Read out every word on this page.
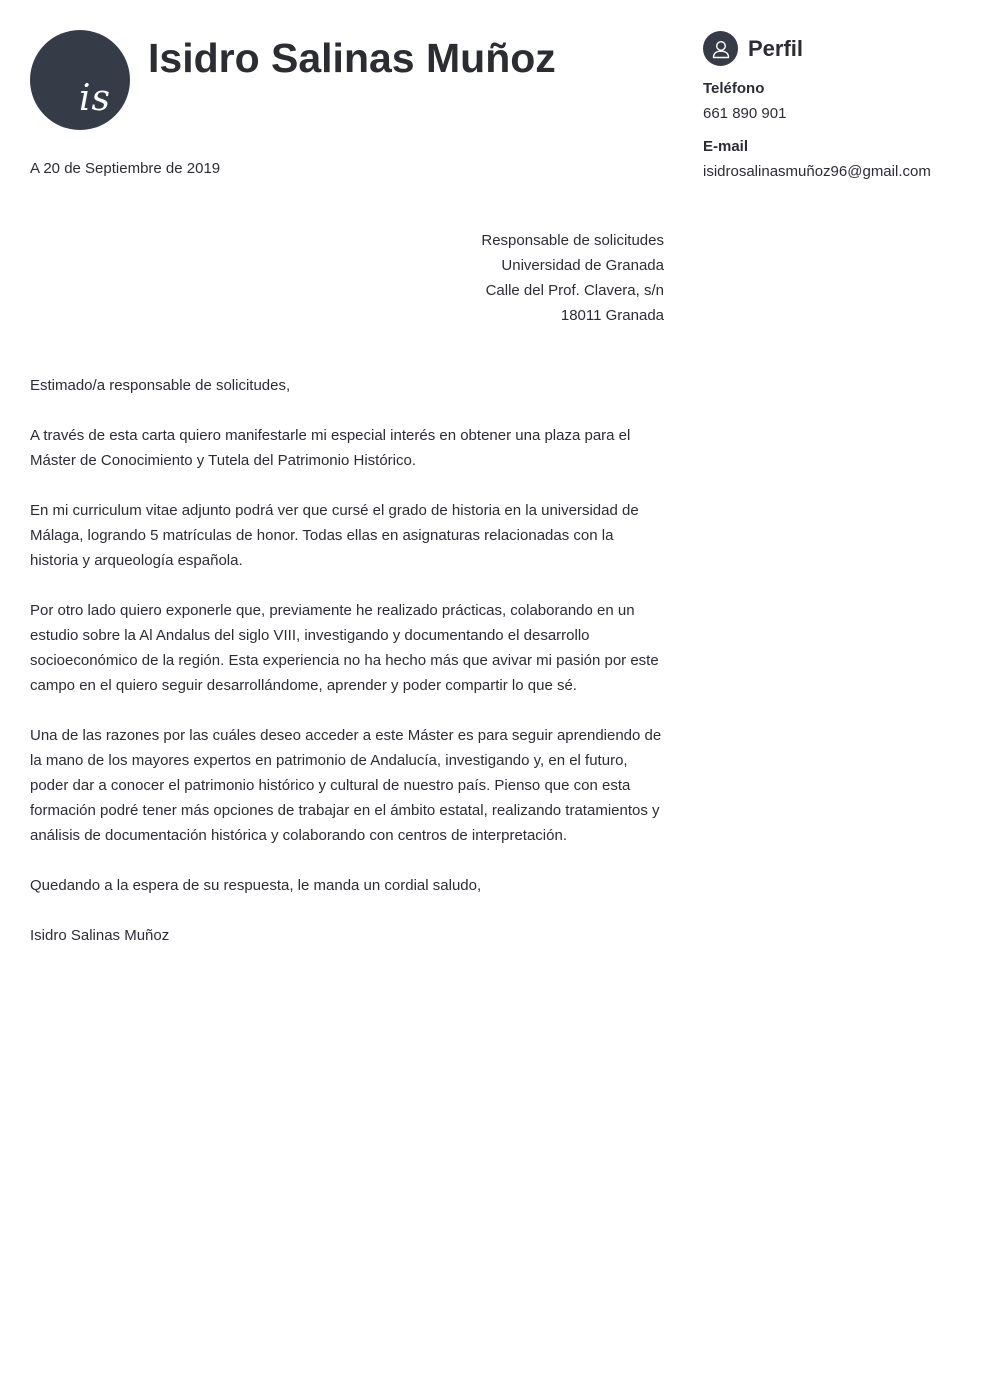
is
Isidro Salinas Muñoz
A 20 de Septiembre de 2019
Responsable de solicitudes
Universidad de Granada
Calle del Prof. Clavera, s/n
18011 Granada

Estimado/a responsable de solicitudes,

A través de esta carta quiero manifestarle mi especial interés en obtener una plaza para el Máster de Conocimiento y Tutela del Patrimonio Histórico.

En mi curriculum vitae adjunto podrá ver que cursé el grado de historia en la universidad de Málaga, logrando 5 matrículas de honor. Todas ellas en asignaturas relacionadas con la historia y arqueología española.

Por otro lado quiero exponerle que, previamente he realizado prácticas, colaborando en un estudio sobre la Al Andalus del siglo VIII, investigando y documentando el desarrollo socioeconómico de la región. Esta experiencia no ha hecho más que avivar mi pasión por este campo en el quiero seguir desarrollándome, aprender y poder compartir lo que sé.

Una de las razones por las cuáles deseo acceder a este Máster es para seguir aprendiendo de la mano de los mayores expertos en patrimonio de Andalucía, investigando y, en el futuro, poder dar a conocer el patrimonio histórico y cultural de nuestro país. Pienso que con esta formación podré tener más opciones de trabajar en el ámbito estatal, realizando tratamientos y análisis de documentación histórica y colaborando con centros de interpretación.

Quedando a la espera de su respuesta, le manda un cordial saludo,

Isidro Salinas Muñoz

Perfil
Teléfono
661 890 901
E-mail
isidrosalinasmuñoz96@gmail.com
